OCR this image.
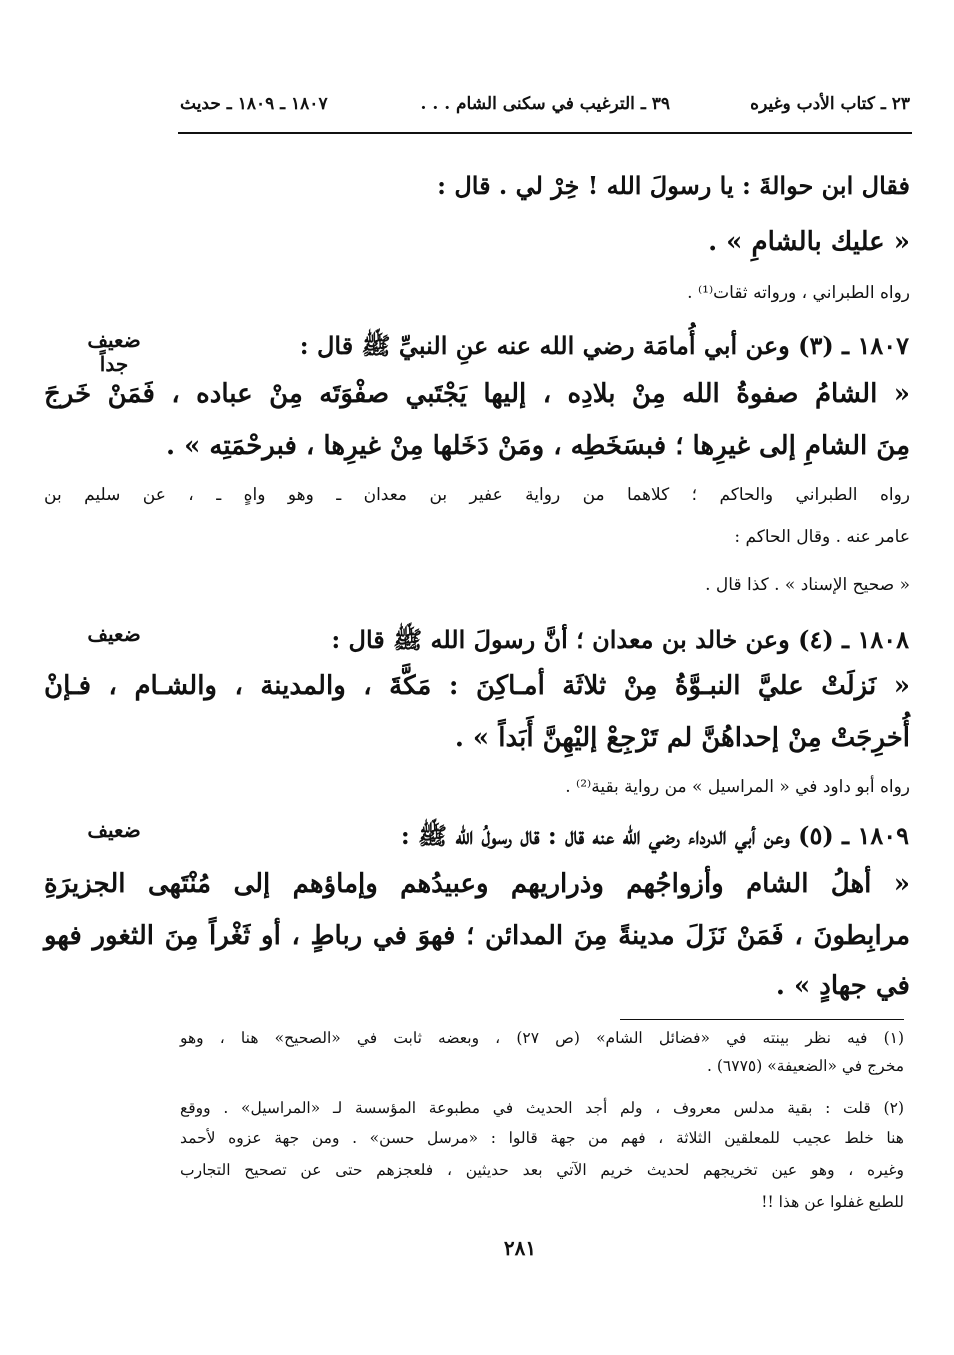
٢٣ ـ كتاب الأدب وغيره
٣٩ ـ الترغيب في سكنى الشام . . .
١٨٠٧ ـ ١٨٠٩ ـ حديث
فقال ابن حوالةَ : يا رسولَ الله ! خِرْ لي . قال :
« عليك بالشامِ » .
رواه الطبراني ، ورواته ثقات⁽¹⁾ .
ضعيف
جداً
١٨٠٧ ـ (٣) وعن أبي أُمامَة رضي الله عنه عنِ النبيِّ ﷺ قال :
« الشامُ صفوةُ الله مِنْ بلادِه ، إليها يَجْتَبي صفْوَتَه مِنْ عباده ، فَمَنْ خَرجَ
مِنَ الشامِ إلى غيرِها ؛ فبسَخَطِه ، ومَنْ دَخَلها مِنْ غيرِها ، فبرحْمَتِه » .
رواه الطبراني والحاكم ؛ كلاهما من رواية عفير بن معدان ـ وهو واهٍ ـ ، عن سليم بن
عامر عنه . وقال الحاكم :
« صحيح الإسناد » . كذا قال .
ضعيف	١٨٠٨ ـ (٤) وعن خالد بن معدان ؛ أنَّ رسولَ الله ﷺ قال :
« نَزلَتْ عليَّ النبـوَّةُ مِنْ ثلاثَة أمـاكِنَ : مَكَّةَ ، والمدينة ، والشـام ، فـإنْ
أُخرِجَتْ مِنْ إحداهُنَّ لم تَرْجِعْ إليْهِنَّ أَبَداً » .
رواه أبو داود في « المراسيل » من رواية بقية⁽²⁾ .
ضعيف	١٨٠٩ ـ (٥) وعن أبي الدرداء رضي الله عنه قال : قال رسولُ الله ﷺ :
« أهلُ الشام وأزواجُهم وذراريهم وعبيدُهم وإماؤهم إلى مُنْتَهى الجزيرَةِ
مرابِطونَ ، فَمَنْ نَزَلَ مدينةً مِنَ المدائن ؛ فهوَ في رباطٍ ، أو ثَغْراً مِنَ الثغور فهو
في جهادٍ » .
(١) فيه نظر بينته في «فضائل الشام» (ص ٢٧) ، وبعضه ثابت في «الصحيح» هنا ، وهو
مخرج في «الضعيفة» (٦٧٧٥) .
(٢) قلت : بقية مدلس معروف ، ولم أجد الحديث في مطبوعة المؤسسة لـ «المراسيل» . ووقع
هنا خلط عجيب للمعلقين الثلاثة ، فهم من جهة قالوا : «مرسل حسن» . ومن جهة عزوه لأحمد
وغيره ، وهو عين تخريجهم لحديث خريم الآتي بعد حديثين ، فلعجزهم حتى عن تصحيح التجارب
للطبع غفلوا عن هذا !!
٢٨١
